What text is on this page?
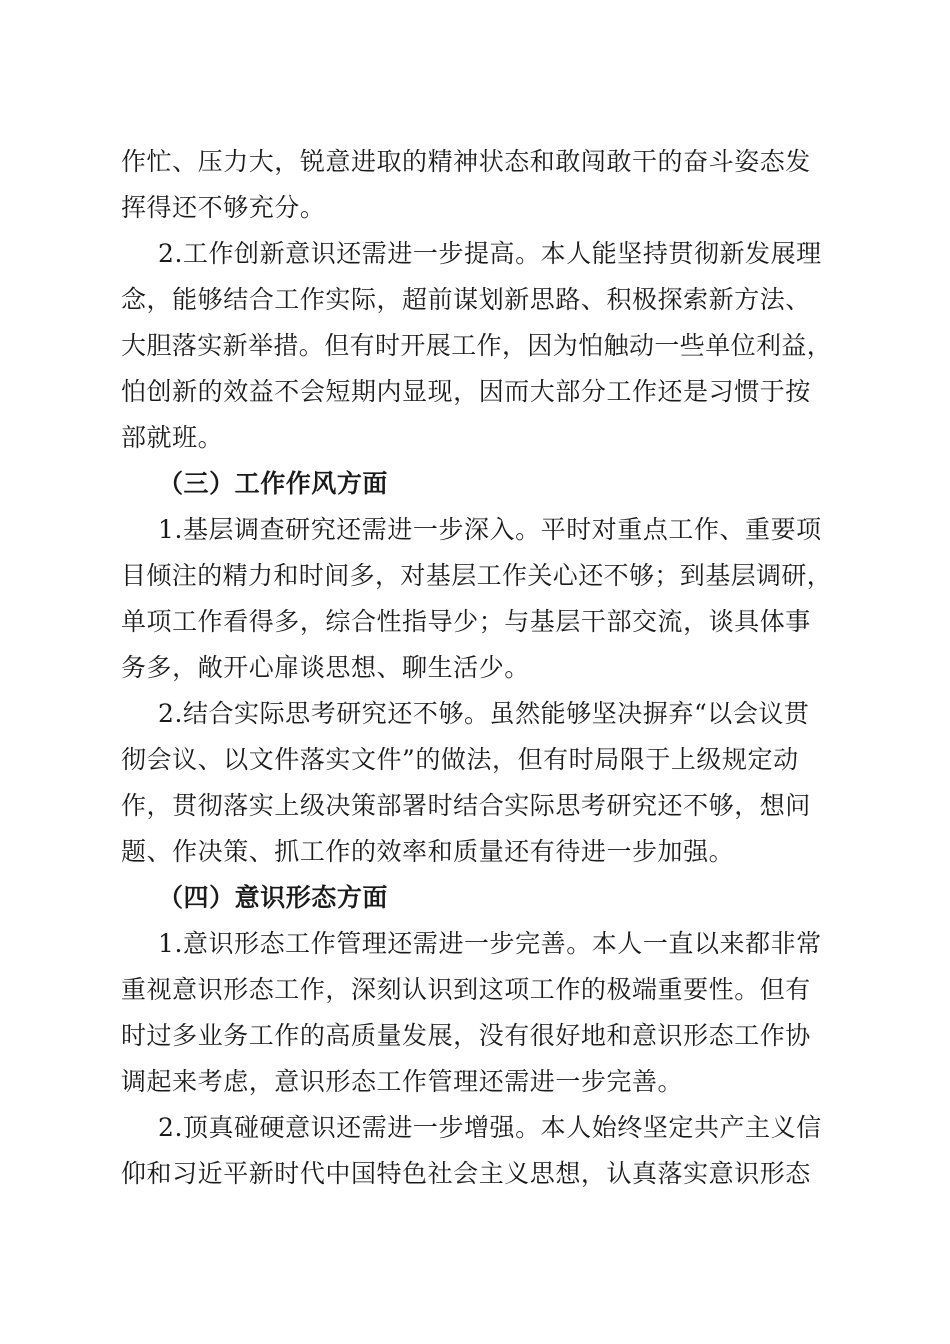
作忙、压力大，锐意进取的精神状态和敢闯敢干的奋斗姿态发
挥得还不够充分。
2.工作创新意识还需进一步提高。本人能坚持贯彻新发展理
念，能够结合工作实际，超前谋划新思路、积极探索新方法、
大胆落实新举措。但有时开展工作，因为怕触动一些单位利益，
怕创新的效益不会短期内显现，因而大部分工作还是习惯于按
部就班。
（三）工作作风方面
1.基层调查研究还需进一步深入。平时对重点工作、重要项
目倾注的精力和时间多，对基层工作关心还不够；到基层调研，
单项工作看得多，综合性指导少；与基层干部交流，谈具体事
务多，敞开心扉谈思想、聊生活少。
2.结合实际思考研究还不够。虽然能够坚决摒弃“以会议贯
彻会议、以文件落实文件”的做法，但有时局限于上级规定动
作，贯彻落实上级决策部署时结合实际思考研究还不够，想问
题、作决策、抓工作的效率和质量还有待进一步加强。
（四）意识形态方面
1.意识形态工作管理还需进一步完善。本人一直以来都非常
重视意识形态工作，深刻认识到这项工作的极端重要性。但有
时过多业务工作的高质量发展，没有很好地和意识形态工作协
调起来考虑，意识形态工作管理还需进一步完善。
2.顶真碰硬意识还需进一步增强。本人始终坚定共产主义信
仰和习近平新时代中国特色社会主义思想，认真落实意识形态
